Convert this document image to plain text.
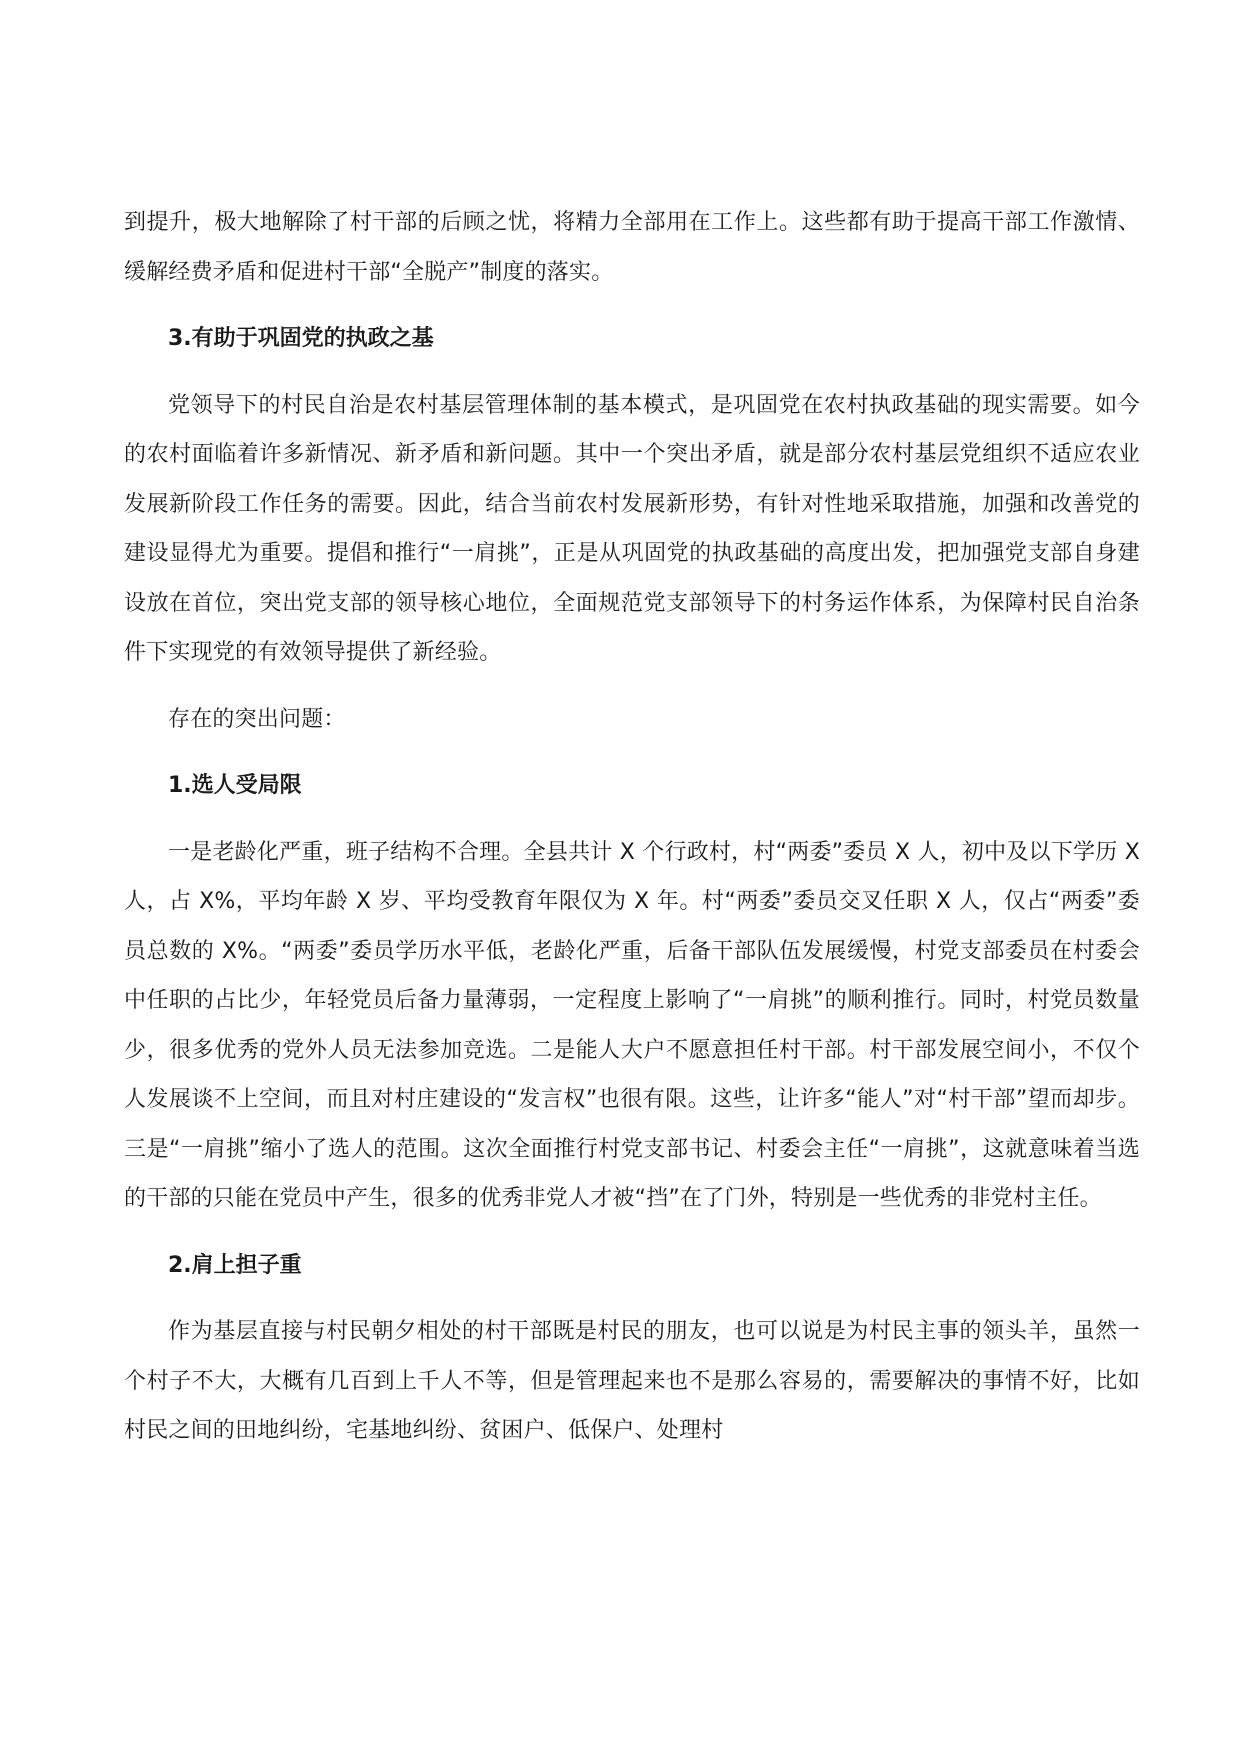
到提升，极大地解除了村干部的后顾之忧，将精力全部用在工作上。这些都有助于提高干部工作激情、缓解经费矛盾和促进村干部“全脱产”制度的落实。

3.有助于巩固党的执政之基

党领导下的村民自治是农村基层管理体制的基本模式，是巩固党在农村执政基础的现实需要。如今的农村面临着许多新情况、新矛盾和新问题。其中一个突出矛盾，就是部分农村基层党组织不适应农业发展新阶段工作任务的需要。因此，结合当前农村发展新形势，有针对性地采取措施，加强和改善党的建设显得尤为重要。提倡和推行“一肩挑”，正是从巩固党的执政基础的高度出发，把加强党支部自身建设放在首位，突出党支部的领导核心地位，全面规范党支部领导下的村务运作体系，为保障村民自治条件下实现党的有效领导提供了新经验。

存在的突出问题：

1.选人受局限

一是老龄化严重，班子结构不合理。全县共计 X 个行政村，村“两委”委员 X 人，初中及以下学历 X 人，占 X%，平均年龄 X 岁、平均受教育年限仅为 X 年。村“两委”委员交叉任职 X 人，仅占“两委”委员总数的 X%。“两委”委员学历水平低，老龄化严重，后备干部队伍发展缓慢，村党支部委员在村委会中任职的占比少，年轻党员后备力量薄弱，一定程度上影响了“一肩挑”的顺利推行。同时，村党员数量少，很多优秀的党外人员无法参加竞选。二是能人大户不愿意担任村干部。村干部发展空间小，不仅个人发展谈不上空间，而且对村庄建设的“发言权”也很有限。这些，让许多“能人”对“村干部”望而却步。三是“一肩挑”缩小了选人的范围。这次全面推行村党支部书记、村委会主任“一肩挑”，这就意味着当选的干部的只能在党员中产生，很多的优秀非党人才被“挡”在了门外，特别是一些优秀的非党村主任。

2.肩上担子重

作为基层直接与村民朝夕相处的村干部既是村民的朋友，也可以说是为村民主事的领头羊，虽然一个村子不大，大概有几百到上千人不等，但是管理起来也不是那么容易的，需要解决的事情不好，比如村民之间的田地纠纷，宅基地纠纷、贫困户、低保户、处理村
